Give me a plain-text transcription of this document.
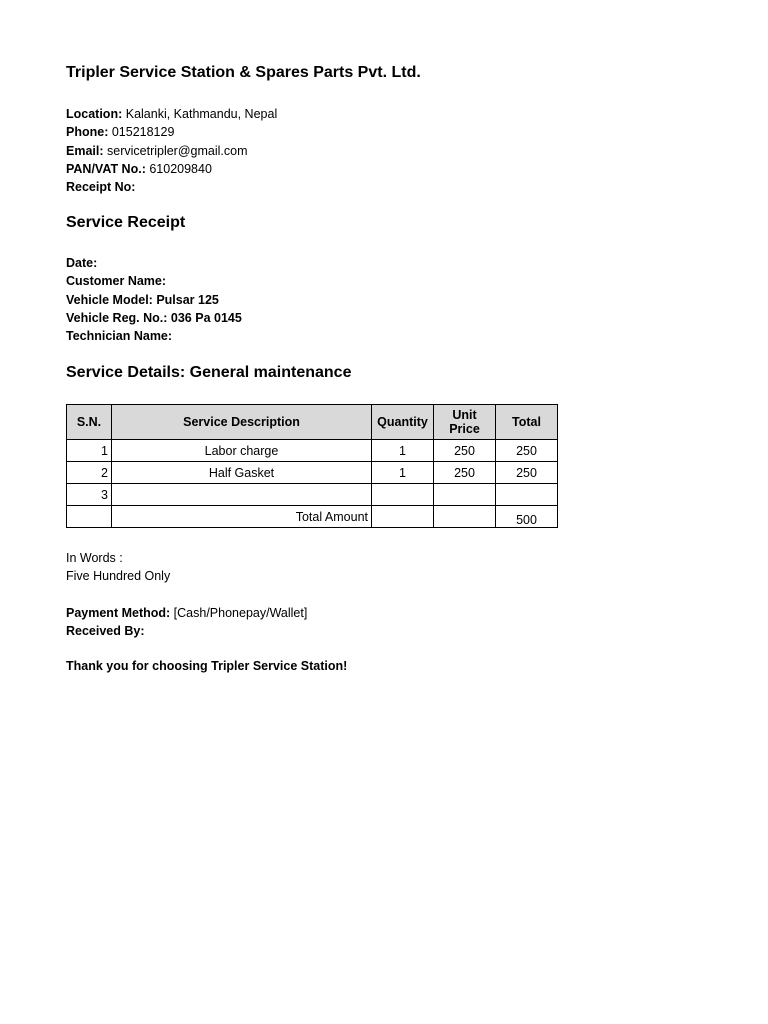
Tripler Service Station & Spares Parts Pvt. Ltd.
Location: Kalanki, Kathmandu, Nepal
Phone: 015218129
Email: servicetripler@gmail.com
PAN/VAT No.: 610209840
Receipt No:
Service Receipt
Date:
Customer Name:
Vehicle Model: Pulsar 125
Vehicle Reg. No.: 036 Pa 0145
Technician Name:
Service Details: General maintenance
S.N.	Service Description	Quantity	Unit Price	Total
1	Labor charge	1	250	250
2	Half Gasket	1	250	250
3				
	Total Amount			500
In Words :
Five Hundred Only
Payment Method: [Cash/Phonepay/Wallet]
Received By:
Thank you for choosing Tripler Service Station!
